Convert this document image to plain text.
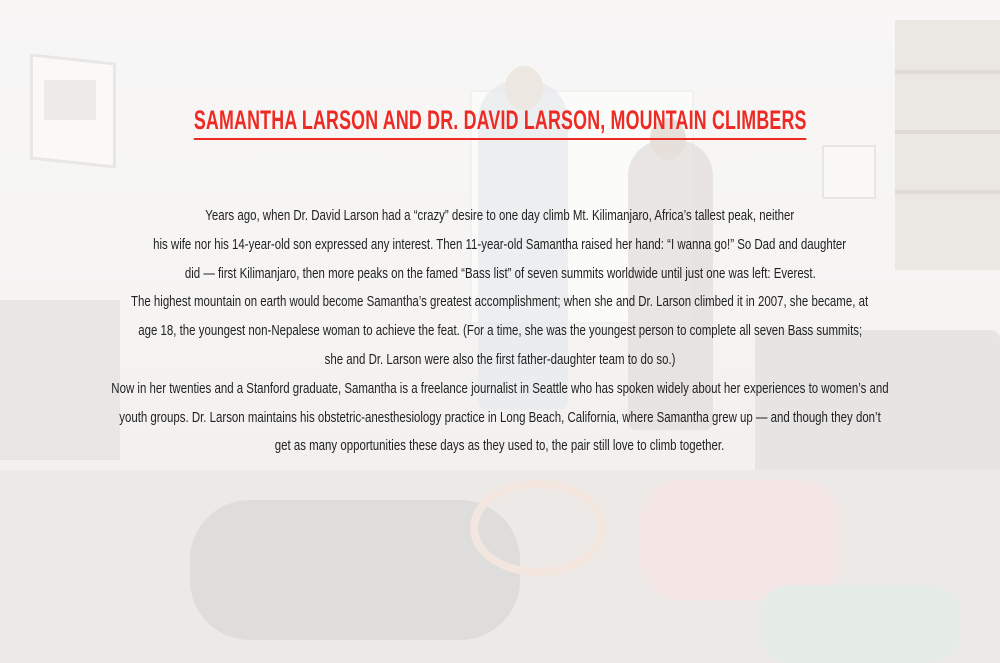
SAMANTHA LARSON AND DR. DAVID LARSON, MOUNTAIN CLIMBERS
Years ago, when Dr. David Larson had a “crazy” desire to one day climb Mt. Kilimanjaro, Africa’s tallest peak, neither
his wife nor his 14-year-old son expressed any interest. Then 11-year-old Samantha raised her hand: “I wanna go!” So Dad and daughter
did — first Kilimanjaro, then more peaks on the famed “Bass list” of seven summits worldwide until just one was left: Everest.
The highest mountain on earth would become Samantha’s greatest accomplishment; when she and Dr. Larson climbed it in 2007, she became, at
age 18, the youngest non-Nepalese woman to achieve the feat. (For a time, she was the youngest person to complete all seven Bass summits;
she and Dr. Larson were also the first father-daughter team to do so.)
Now in her twenties and a Stanford graduate, Samantha is a freelance journalist in Seattle who has spoken widely about her experiences to women’s and
youth groups. Dr. Larson maintains his obstetric-anesthesiology practice in Long Beach, California, where Samantha grew up — and though they don’t
get as many opportunities these days as they used to, the pair still love to climb together.
